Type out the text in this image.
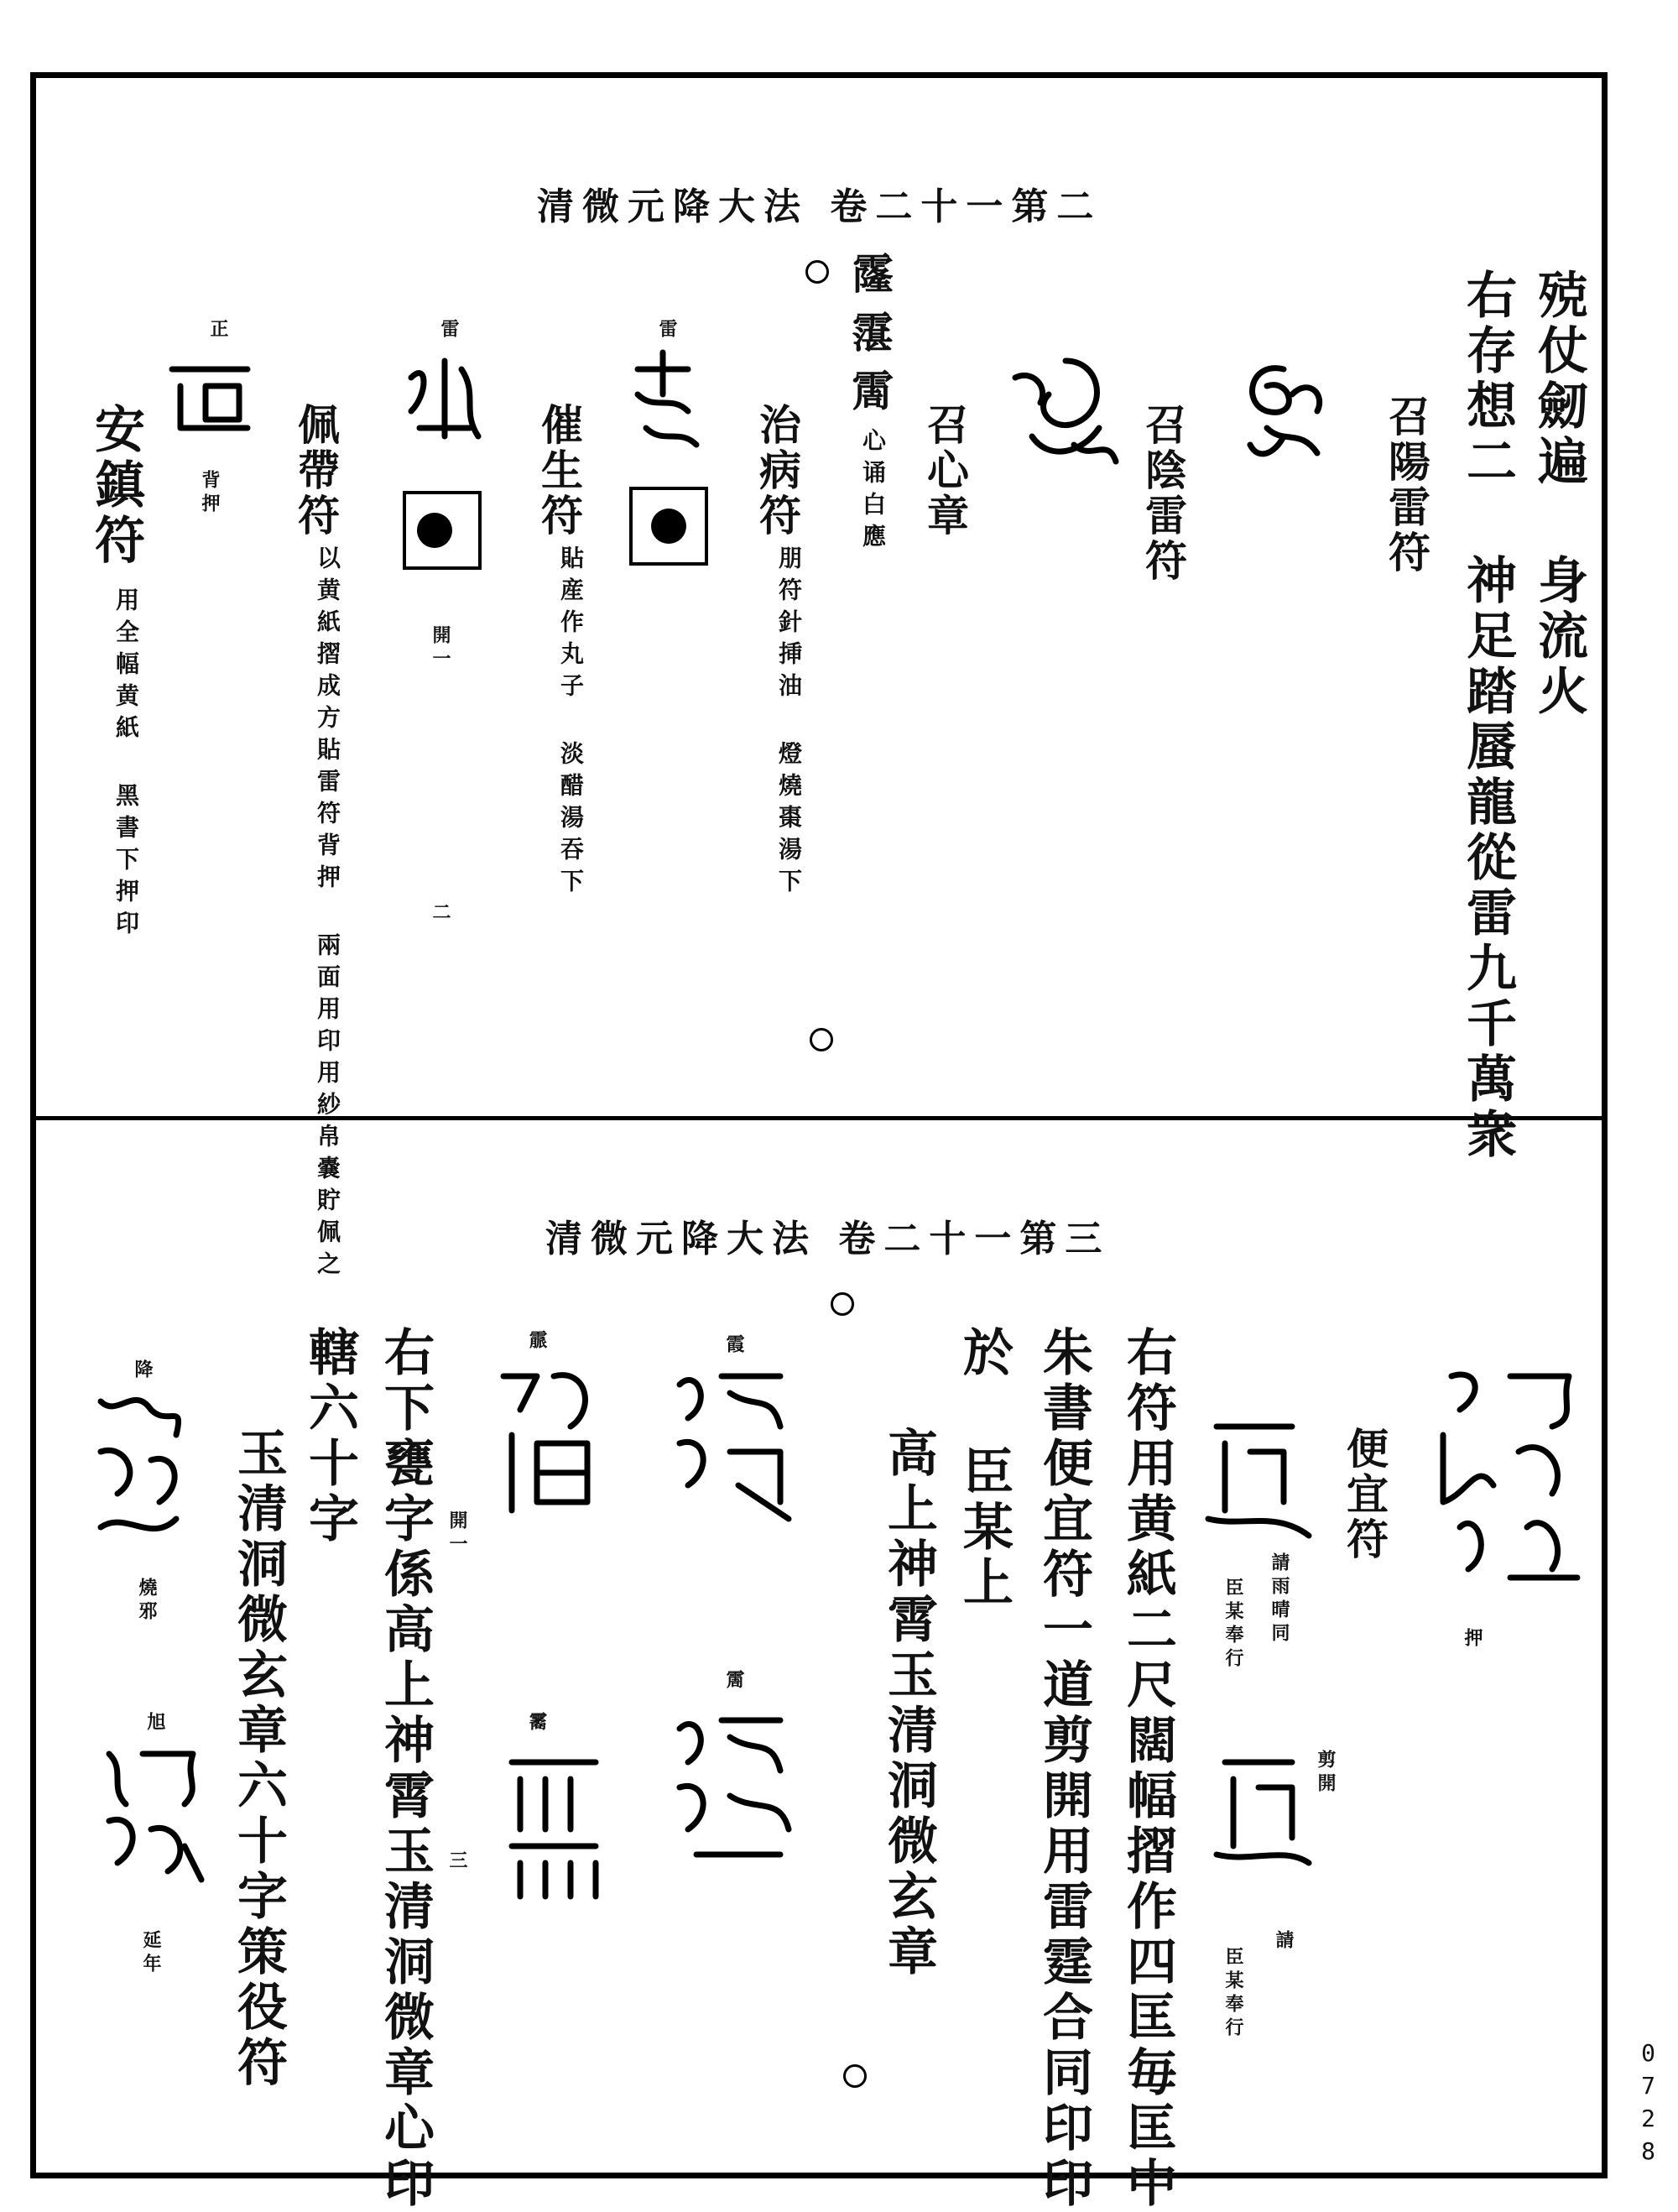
二第一十二卷 法大降元微清
殑仗劒遍 身流火
右存想二 神足踏蜃龍從雷九千萬衆
召陽雷符
召陰雷符
召心章
霳
霮
霌
心诵白應
治病符
朋符針挿油 燈燒棗湯下
雷
催生符
貼産作丸子 淡醋湯吞下
雷
開一
二
佩帶符
以黄紙摺成方貼雷符背押 兩面用印用紗帛嚢貯佩之
正
背押
安鎮符
用全幅黄紙 黑書下押印
三第一十二卷 法大降元微清
押
便宜符
請雨晴同
臣某奉行
剪開
請
臣某奉行
右符用黄紙二尺闊幅摺作四匡毎匡中
朱書便宜符一道剪開用雷霆合同印印
於 臣某上
高上神霄玉清洞微玄章
霞
霌
霢
霱
開一
三
右下甕字係高上神霄玉清洞微章心印
轄六十字
玉清洞微玄章六十字策役符
降
燒邪
旭
延年
0728
